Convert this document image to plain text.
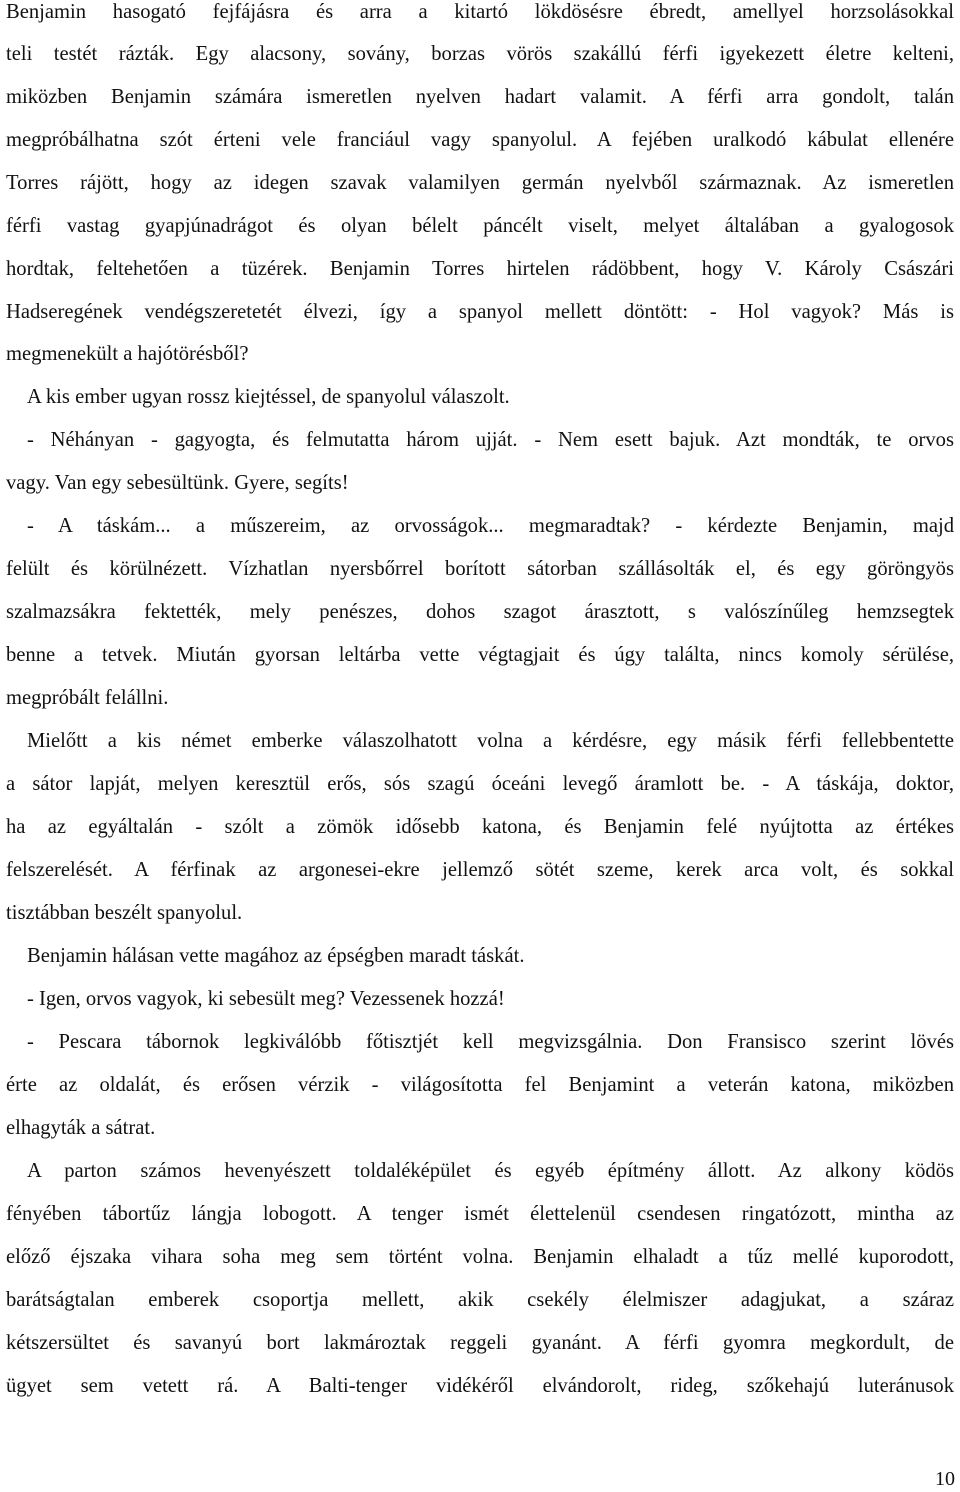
Benjamin hasogató fejfájásra és arra a kitartó lökdösésre ébredt, amellyel horzsolásokkal
teli testét rázták. Egy alacsony, sovány, borzas vörös szakállú férfi igyekezett életre kelteni,
miközben Benjamin számára ismeretlen nyelven hadart valamit. A férfi arra gondolt, talán
megpróbálhatna szót érteni vele franciául vagy spanyolul. A fejében uralkodó kábulat ellenére
Torres rájött, hogy az idegen szavak valamilyen germán nyelvből származnak. Az ismeretlen
férfi vastag gyapjúnadrágot és olyan bélelt páncélt viselt, melyet általában a gyalogosok
hordtak, feltehetően a tüzérek. Benjamin Torres hirtelen rádöbbent, hogy V. Károly Császári
Hadseregének vendégszeretetét élvezi, így a spanyol mellett döntött: - Hol vagyok? Más is
megmenekült a hajótörésből?
A kis ember ugyan rossz kiejtéssel, de spanyolul válaszolt.
- Néhányan - gagyogta, és felmutatta három ujját. - Nem esett bajuk. Azt mondták, te orvos
vagy. Van egy sebesültünk. Gyere, segíts!
- A táskám... a műszereim, az orvosságok... megmaradtak? - kérdezte Benjamin, majd
felült és körülnézett. Vízhatlan nyersbőrrel borított sátorban szállásolták el, és egy göröngyös
szalmazsákra fektették, mely penészes, dohos szagot árasztott, s valószínűleg hemzsegtek
benne a tetvek. Miután gyorsan leltárba vette végtagjait és úgy találta, nincs komoly sérülése,
megpróbált felállni.
Mielőtt a kis német emberke válaszolhatott volna a kérdésre, egy másik férfi fellebbentette
a sátor lapját, melyen keresztül erős, sós szagú óceáni levegő áramlott be. - A táskája, doktor,
ha az egyáltalán - szólt a zömök idősebb katona, és Benjamin felé nyújtotta az értékes
felszerelését. A férfinak az argonesei-ekre jellemző sötét szeme, kerek arca volt, és sokkal
tisztábban beszélt spanyolul.
Benjamin hálásan vette magához az épségben maradt táskát.
- Igen, orvos vagyok, ki sebesült meg? Vezessenek hozzá!
- Pescara tábornok legkiválóbb főtisztjét kell megvizsgálnia. Don Fransisco szerint lövés
érte az oldalát, és erősen vérzik - világosította fel Benjamint a veterán katona, miközben
elhagyták a sátrat.
A parton számos hevenyészett toldaléképület és egyéb építmény állott. Az alkony ködös
fényében tábortűz lángja lobogott. A tenger ismét élettelenül csendesen ringatózott, mintha az
előző éjszaka vihara soha meg sem történt volna. Benjamin elhaladt a tűz mellé kuporodott,
barátságtalan emberek csoportja mellett, akik csekély élelmiszer adagjukat, a száraz
kétszersültet és savanyú bort lakmároztak reggeli gyanánt. A férfi gyomra megkordult, de
ügyet sem vetett rá. A Balti-tenger vidékéről elvándorolt, rideg, szőkehajú luteránusok
10
